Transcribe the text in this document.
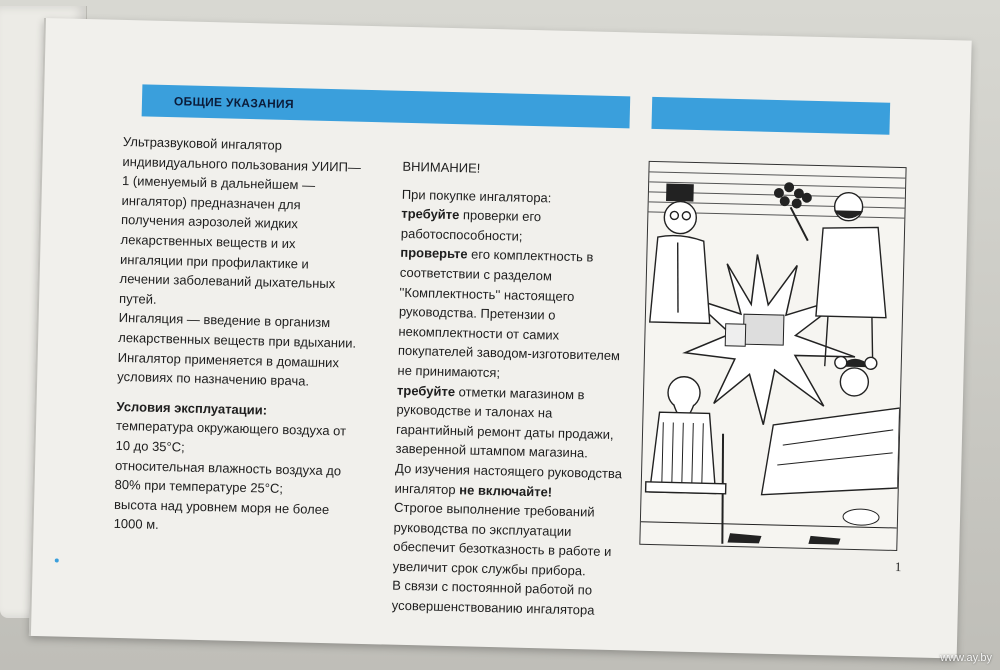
ОБЩИЕ УКАЗАНИЯ

Ультразвуковой ингалятор индивидуального пользования УИИП—1 (именуемый в дальнейшем — ингалятор) предназначен для получения аэрозолей жидких лекарственных веществ и их ингаляции при профилактике и лечении заболеваний дыхательных путей.

Ингаляция — введение в организм лекарственных веществ при вдыхании.

Ингалятор применяется в домашних условиях по назначению врача.

Условия эксплуатации:

температура окружающего воздуха от 10 до 35°С;

относительная влажность воздуха до 80% при температуре 25°С;

высота над уровнем моря не более 1000 м.

ВНИМАНИЕ!

При покупке ингалятора:

требуйте проверки его работоспособности;

проверьте его комплектность в соответствии с разделом ''Комплектность'' настоящего руководства. Претензии о некомплектности от самих покупателей заводом-изготовителем не принимаются;

требуйте отметки магазином в руководстве и талонах на гарантийный ремонт даты продажи, заверенной штампом магазина.

До изучения настоящего руководства ингалятор не включайте!

Строгое выполнение требований руководства по эксплуатации обеспечит безотказность в работе и увеличит срок службы прибора.

В связи с постоянной работой по усовершенствованию ингалятора

1
www.ay.by
